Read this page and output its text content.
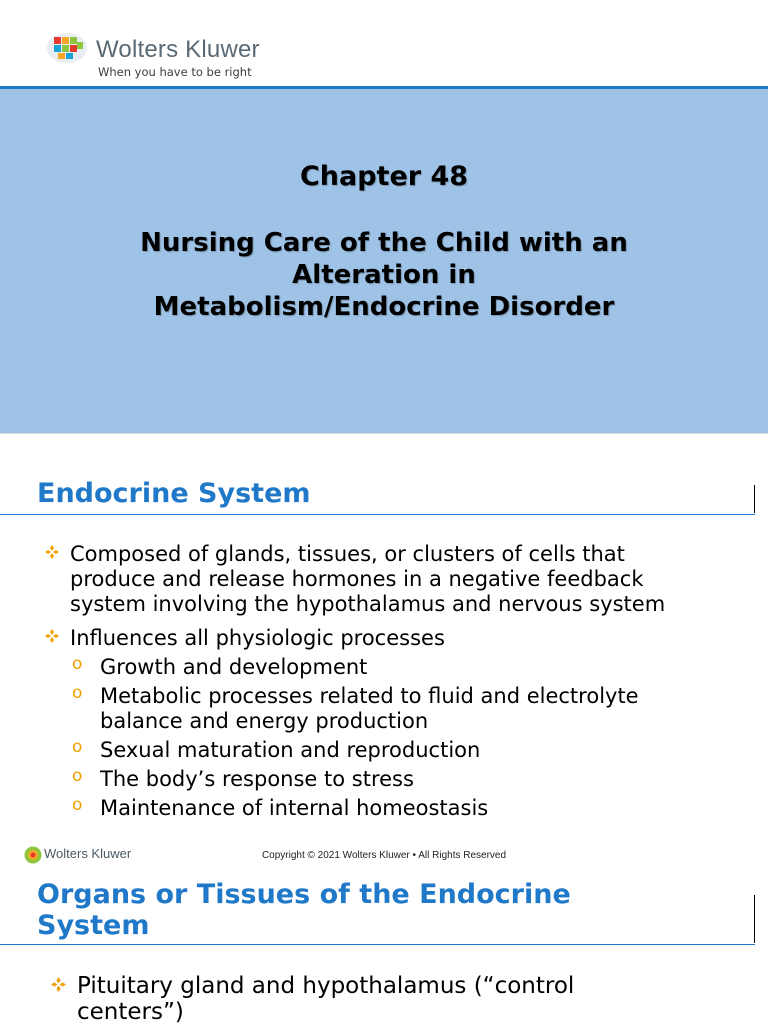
Wolters Kluwer
When you have to be right
Chapter 48
Nursing Care of the Child with an
Alteration in
Metabolism/Endocrine Disorder
Endocrine System
Composed of glands, tissues, or clusters of cells that
produce and release hormones in a negative feedback
system involving the hypothalamus and nervous system
Influences all physiologic processes
o Growth and development
o Metabolic processes related to fluid and electrolyte
balance and energy production
o Sexual maturation and reproduction
o The body’s response to stress
o Maintenance of internal homeostasis
Wolters Kluwer	Copyright © 2021 Wolters Kluwer • All Rights Reserved
Organs or Tissues of the Endocrine
System
Pituitary gland and hypothalamus (“control
centers”)
